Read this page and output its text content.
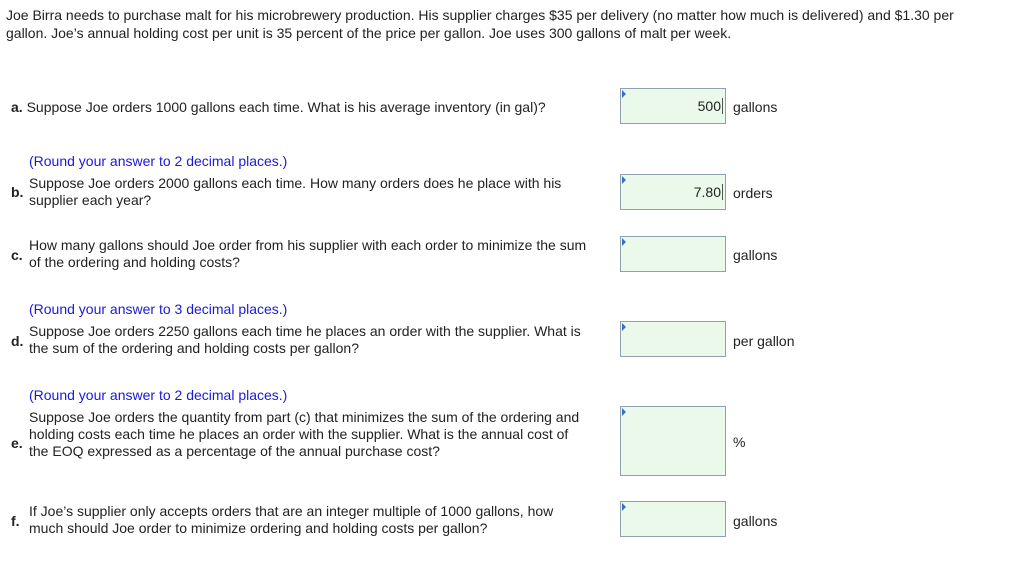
Joe Birra needs to purchase malt for his microbrewery production. His supplier charges $35 per delivery (no matter how much is delivered) and $1.30 per gallon. Joe’s annual holding cost per unit is 35 percent of the price per gallon. Joe uses 300 gallons of malt per week.
a. Suppose Joe orders 1000 gallons each time. What is his average inventory (in gal)?	500 gallons
b.
(Round your answer to 2 decimal places.)
Suppose Joe orders 2000 gallons each time. How many orders does he place with his supplier each year?	7.80 orders
c.
How many gallons should Joe order from his supplier with each order to minimize the sum of the ordering and holding costs?	gallons
d.
(Round your answer to 3 decimal places.)
Suppose Joe orders 2250 gallons each time he places an order with the supplier. What is the sum of the ordering and holding costs per gallon?	per gallon
e.
(Round your answer to 2 decimal places.)
Suppose Joe orders the quantity from part (c) that minimizes the sum of the ordering and holding costs each time he places an order with the supplier. What is the annual cost of the EOQ expressed as a percentage of the annual purchase cost?
%
f.
If Joe’s supplier only accepts orders that are an integer multiple of 1000 gallons, how much should Joe order to minimize ordering and holding costs per gallon?	gallons
